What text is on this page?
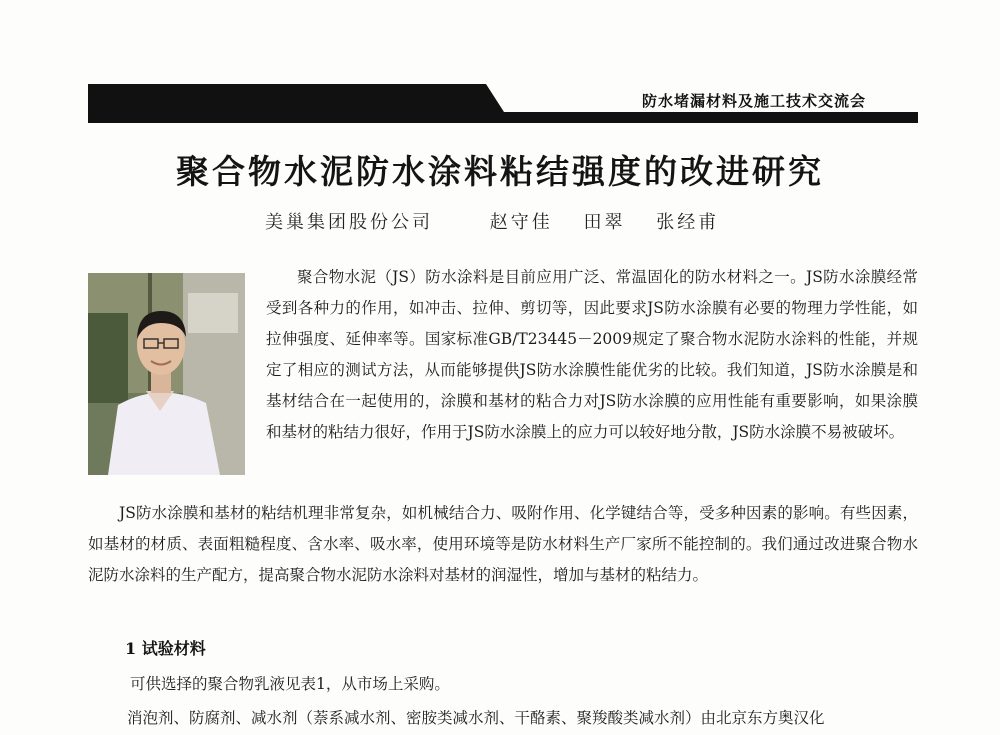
防水堵漏材料及施工技术交流会
聚合物水泥防水涂料粘结强度的改进研究
美巢集团股份公司	赵守佳 田翠 张经甫
聚合物水泥（JS）防水涂料是目前应用广泛、常温固化的防水材料之一。JS防水涂膜经常受到各种力的作用，如冲击、拉伸、剪切等，因此要求JS防水涂膜有必要的物理力学性能，如拉伸强度、延伸率等。国家标准GB/T23445－2009规定了聚合物水泥防水涂料的性能，并规定了相应的测试方法，从而能够提供JS防水涂膜性能优劣的比较。我们知道，JS防水涂膜是和基材结合在一起使用的，涂膜和基材的粘合力对JS防水涂膜的应用性能有重要影响，如果涂膜和基材的粘结力很好，作用于JS防水涂膜上的应力可以较好地分散，JS防水涂膜不易被破坏。
JS防水涂膜和基材的粘结机理非常复杂，如机械结合力、吸附作用、化学键结合等，受多种因素的影响。有些因素，如基材的材质、表面粗糙程度、含水率、吸水率，使用环境等是防水材料生产厂家所不能控制的。我们通过改进聚合物水泥防水涂料的生产配方，提高聚合物水泥防水涂料对基材的润湿性，增加与基材的粘结力。
1 试验材料
可供选择的聚合物乳液见表1，从市场上采购。
消泡剂、防腐剂、减水剂（萘系减水剂、密胺类减水剂、干酪素、聚羧酸类减水剂）由北京东方奥汉化
